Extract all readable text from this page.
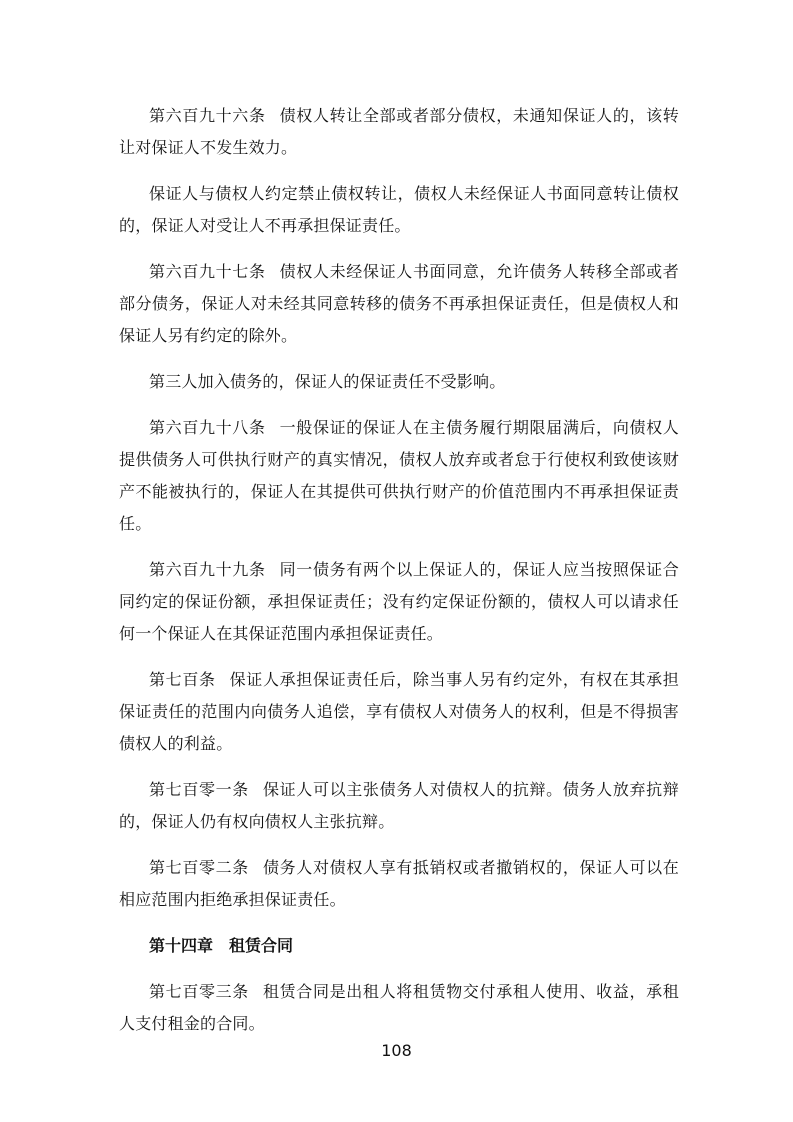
第六百九十六条 债权人转让全部或者部分债权，未通知保证人的，该转让对保证人不发生效力。

保证人与债权人约定禁止债权转让，债权人未经保证人书面同意转让债权的，保证人对受让人不再承担保证责任。

第六百九十七条 债权人未经保证人书面同意，允许债务人转移全部或者部分债务，保证人对未经其同意转移的债务不再承担保证责任，但是债权人和保证人另有约定的除外。

第三人加入债务的，保证人的保证责任不受影响。

第六百九十八条 一般保证的保证人在主债务履行期限届满后，向债权人提供债务人可供执行财产的真实情况，债权人放弃或者怠于行使权利致使该财产不能被执行的，保证人在其提供可供执行财产的价值范围内不再承担保证责任。

第六百九十九条 同一债务有两个以上保证人的，保证人应当按照保证合同约定的保证份额，承担保证责任；没有约定保证份额的，债权人可以请求任何一个保证人在其保证范围内承担保证责任。

第七百条 保证人承担保证责任后，除当事人另有约定外，有权在其承担保证责任的范围内向债务人追偿，享有债权人对债务人的权利，但是不得损害债权人的利益。

第七百零一条 保证人可以主张债务人对债权人的抗辩。债务人放弃抗辩的，保证人仍有权向债权人主张抗辩。

第七百零二条 债务人对债权人享有抵销权或者撤销权的，保证人可以在相应范围内拒绝承担保证责任。

第十四章 租赁合同

第七百零三条 租赁合同是出租人将租赁物交付承租人使用、收益，承租人支付租金的合同。

108
